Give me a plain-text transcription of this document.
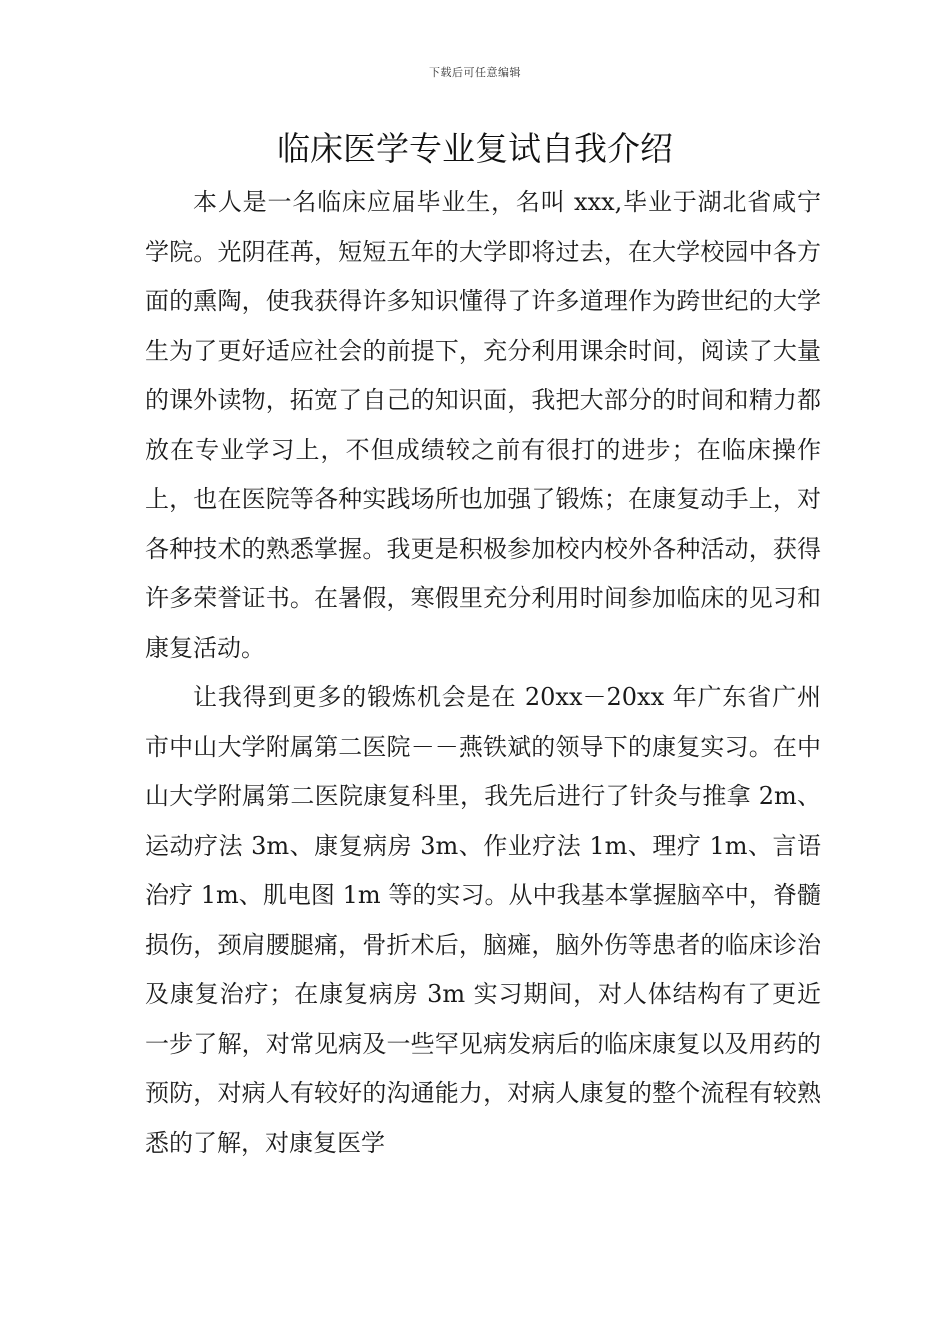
下载后可任意编辑
临床医学专业复试自我介绍

本人是一名临床应届毕业生，名叫 xxx,毕业于湖北省咸宁学院。光阴荏苒，短短五年的大学即将过去，在大学校园中各方面的熏陶，使我获得许多知识懂得了许多道理作为跨世纪的大学生为了更好适应社会的前提下，充分利用课余时间，阅读了大量的课外读物，拓宽了自己的知识面，我把大部分的时间和精力都放在专业学习上，不但成绩较之前有很打的进步；在临床操作上，也在医院等各种实践场所也加强了锻炼；在康复动手上，对各种技术的熟悉掌握。我更是积极参加校内校外各种活动，获得许多荣誉证书。在暑假，寒假里充分利用时间参加临床的见习和康复活动。

让我得到更多的锻炼机会是在 20xx－20xx 年广东省广州市中山大学附属第二医院－－燕铁斌的领导下的康复实习。在中山大学附属第二医院康复科里，我先后进行了针灸与推拿 2m、运动疗法 3m、康复病房 3m、作业疗法 1m、理疗 1m、言语治疗 1m、肌电图 1m 等的实习。从中我基本掌握脑卒中，脊髓损伤，颈肩腰腿痛，骨折术后，脑瘫，脑外伤等患者的临床诊治及康复治疗；在康复病房 3m 实习期间，对人体结构有了更近一步了解，对常见病及一些罕见病发病后的临床康复以及用药的预防，对病人有较好的沟通能力，对病人康复的整个流程有较熟悉的了解，对康复医学
